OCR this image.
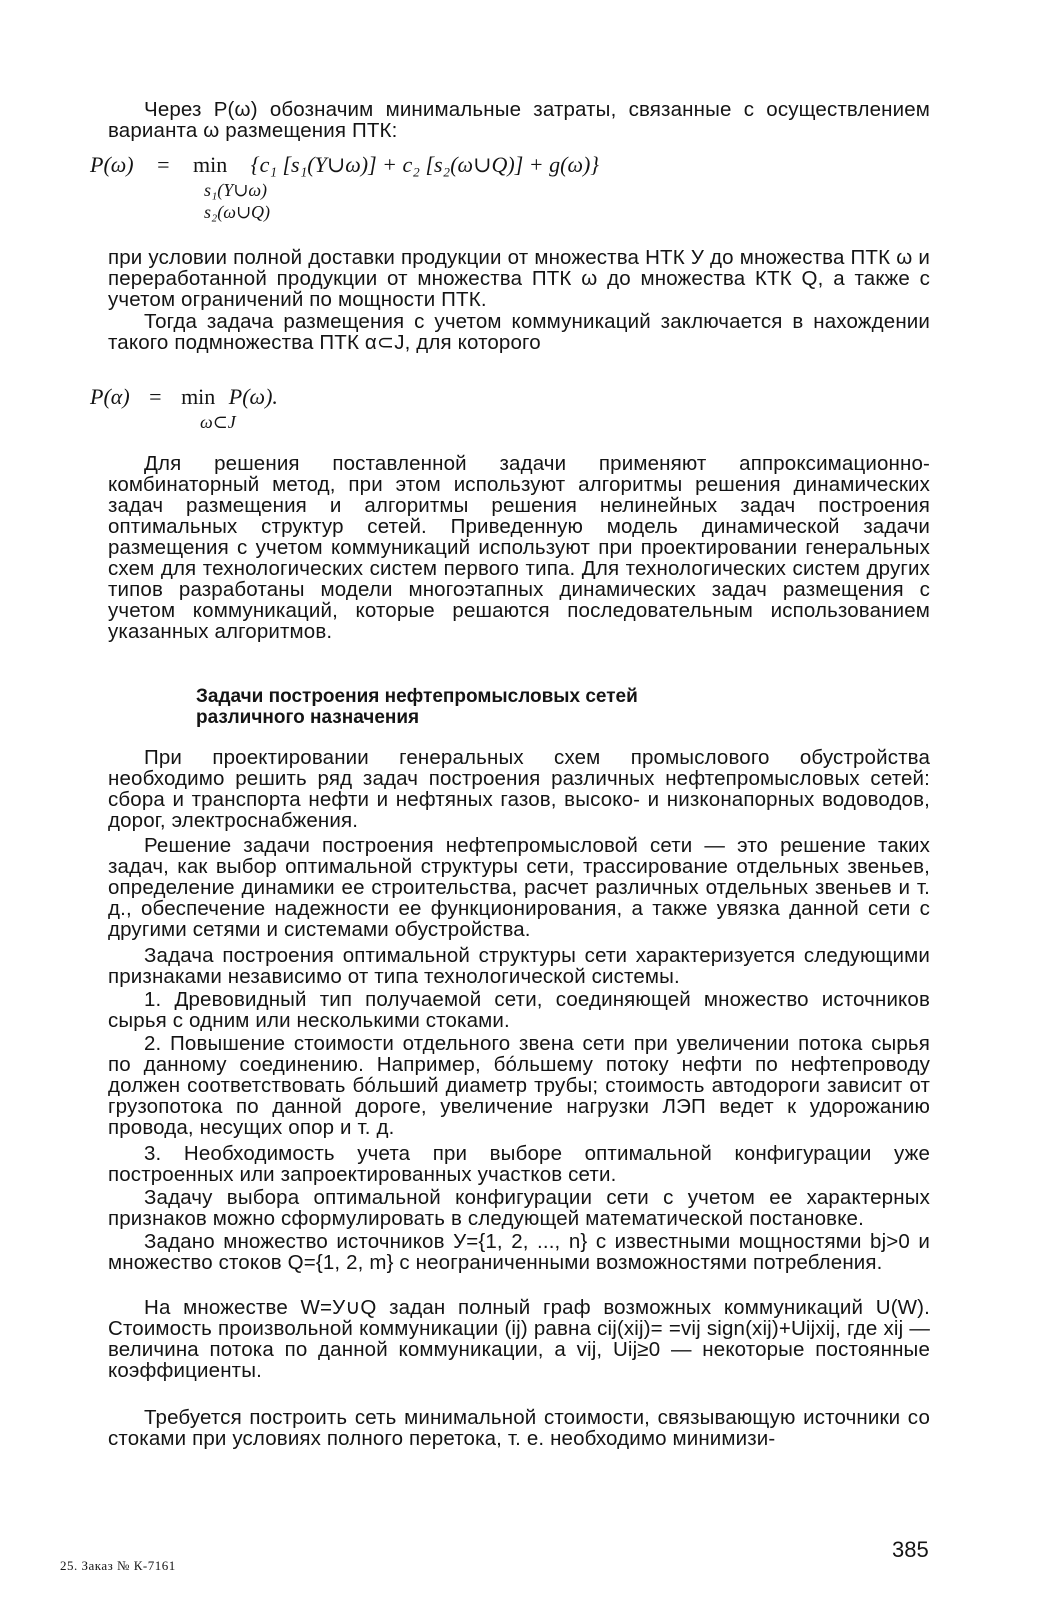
Через P(ω) обозначим минимальные затраты, связанные с осуществлением варианта ω размещения ПТК:
P(ω) = min {c₁ [s₁(Y∪ω)] + c₂ [s₂(ω∪Q)] + g(ω)}
s₁(Y∪ω)
s₂(ω∪Q)
при условии полной доставки продукции от множества НТК У до множества ПТК ω и переработанной продукции от множества ПТК ω до множества КТК Q, а также с учетом ограничений по мощности ПТК.
Тогда задача размещения с учетом коммуникаций заключается в нахождении такого подмножества ПТК α⊂J, для которого
P(α) = min P(ω).
ω⊂J
Для решения поставленной задачи применяют аппроксимационно-комбинаторный метод, при этом используют алгоритмы решения динамических задач размещения и алгоритмы решения нелинейных задач построения оптимальных структур сетей. Приведенную модель динамической задачи размещения с учетом коммуникаций используют при проектировании генеральных схем для технологических систем первого типа. Для технологических систем других типов разработаны модели многоэтапных динамических задач размещения с учетом коммуникаций, которые решаются последовательным использованием указанных алгоритмов.
Задачи построения нефтепромысловых сетей
различного назначения
При проектировании генеральных схем промыслового обустройства необходимо решить ряд задач построения различных нефтепромысловых сетей: сбора и транспорта нефти и нефтяных газов, высоко- и низконапорных водоводов, дорог, электроснабжения.
Решение задачи построения нефтепромысловой сети — это решение таких задач, как выбор оптимальной структуры сети, трассирование отдельных звеньев, определение динамики ее строительства, расчет различных отдельных звеньев и т. д., обеспечение надежности ее функционирования, а также увязка данной сети с другими сетями и системами обустройства.
Задача построения оптимальной структуры сети характеризуется следующими признаками независимо от типа технологической системы.
1. Древовидный тип получаемой сети, соединяющей множество источников сырья с одним или несколькими стоками.
2. Повышение стоимости отдельного звена сети при увеличении потока сырья по данному соединению. Например, бóльшему потоку нефти по нефтепроводу должен соответствовать бóльший диаметр трубы; стоимость автодороги зависит от грузопотока по данной дороге, увеличение нагрузки ЛЭП ведет к удорожанию провода, несущих опор и т. д.
3. Необходимость учета при выборе оптимальной конфигурации уже построенных или запроектированных участков сети.
Задачу выбора оптимальной конфигурации сети с учетом ее характерных признаков можно сформулировать в следующей математической постановке.
Задано множество источников У={1, 2, ..., n} с известными мощностями bj>0 и множество стоков Q={1, 2, m} с неограниченными возможностями потребления.
На множестве W=У∪Q задан полный граф возможных коммуникаций U(W). Стоимость произвольной коммуникации (ij) равна cij(xij)= =vij sign(xij)+Uijxij, где xij — величина потока по данной коммуникации, а vij, Uij≥0 — некоторые постоянные коэффициенты.
Требуется построить сеть минимальной стоимости, связывающую источники со стоками при условиях полного перетока, т. е. необходимо минимизи-
385
25. Заказ № К-7161
